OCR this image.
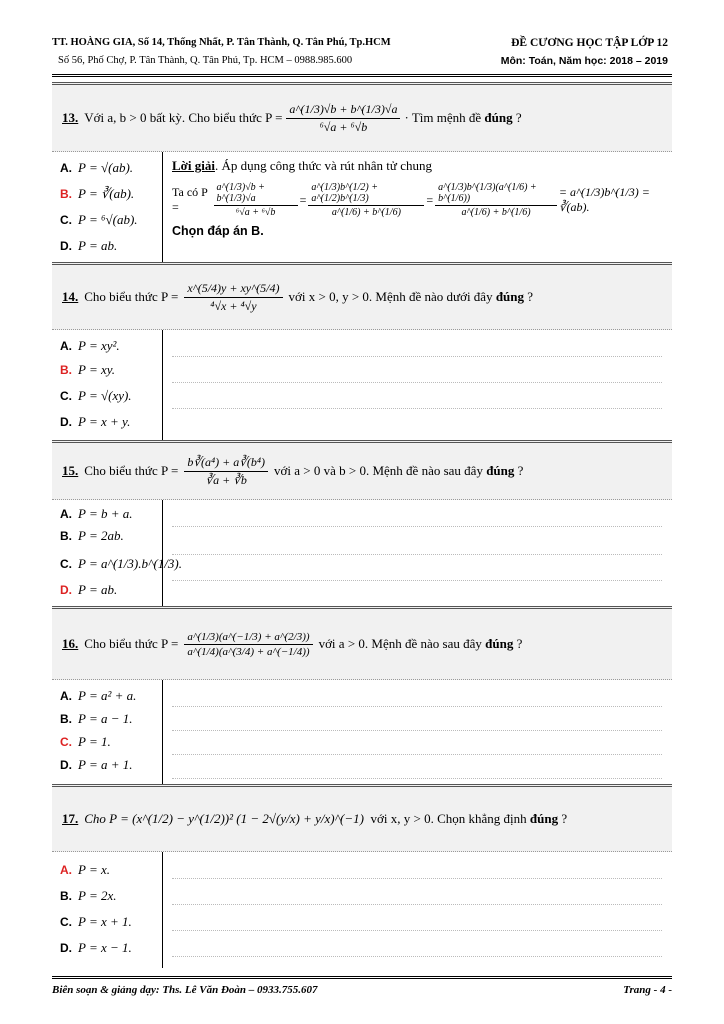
TT. HOÀNG GIA, Số 14, Thống Nhất, P. Tân Thành, Q. Tân Phú, Tp.HCM
Số 56, Phố Chợ, P. Tân Thành, Q. Tân Phú, Tp. HCM – 0988.985.600
ĐỀ CƯƠNG HỌC TẬP LỚP 12
Môn: Toán, Năm học: 2018 – 2019
13. Với a, b > 0 bất kỳ. Cho biểu thức $P = \frac{a\^{}(1/3)√b + b\^{}(1/3)√a}{\text{⁶√a + ⁶√b}}$ · Tìm mệnh đề
đúng
?
A. P = √(ab).
B. P = ∛(ab).
C. P = ⁶√(ab).
D. P = ab.
Lời giải. Áp dụng công thức và rút nhân tử chung
Ta có P =	$\frac{a\^{}(1/3)√b + b\^{}(1/3)√a}{\text{⁶√a + ⁶√b}} = \frac{a\^{}(1/3)b\^{}(1/2) + a\^{}(1/2)b\^{}(1/3)}{a\^{}(1/6) + b\^{}(1/6)} = \frac{a\^{}(1/3)b\^{}(1/3)(a\^{}(1/6) + b\^{}(1/6))}{a\^{}(1/6) + b\^{}(1/6)}$ = a^(1/3)b^(1/3) = ∛(ab).
Chọn đáp án B.
14. Cho biểu thức $P = \frac{x\^{}(5/4)y + xy\^{}(5/4)}{\text{⁴√x + ⁴√y}}$ với x > 0, y > 0. Mệnh đề nào dưới đây
đúng
?
A. P = xy².
B. P = xy.
C. P = √(xy).
D. P = x + y.
15. Cho biểu thức $P = \frac{\text{b∛(a⁴) + a∛(b⁴)}}{∛a + ∛b}$ với a > 0 và b > 0. Mệnh đề nào sau đây
đúng
?
A. P = b + a.
B. P = 2ab.
C. P = a^(1/3).b^(1/3).
D. P = ab.
16. Cho biểu thức $P = \frac{a\^{}(1/3)(a\^{}(-1/3) + a\^{}(2/3))}{a\^{}(1/4)(a\^{}(3/4) + a\^{}(-1/4))}$ với a > 0. Mệnh đề nào sau đây
đúng
?
A. P = a² + a.
B. P = a − 1.
C. P = 1.
D. P = a + 1.
17. Cho P = (x^(1/2) − y^(1/2))² (1 − 2√(y/x) + y/x)^(−1)
với x, y > 0. Chọn khẳng định
đúng
?
A. P = x.
B. P = 2x.
C. P = x + 1.
D. P = x − 1.
Biên soạn & giảng dạy: Ths. Lê Văn Đoàn – 0933.755.607	Trang - 4 -
